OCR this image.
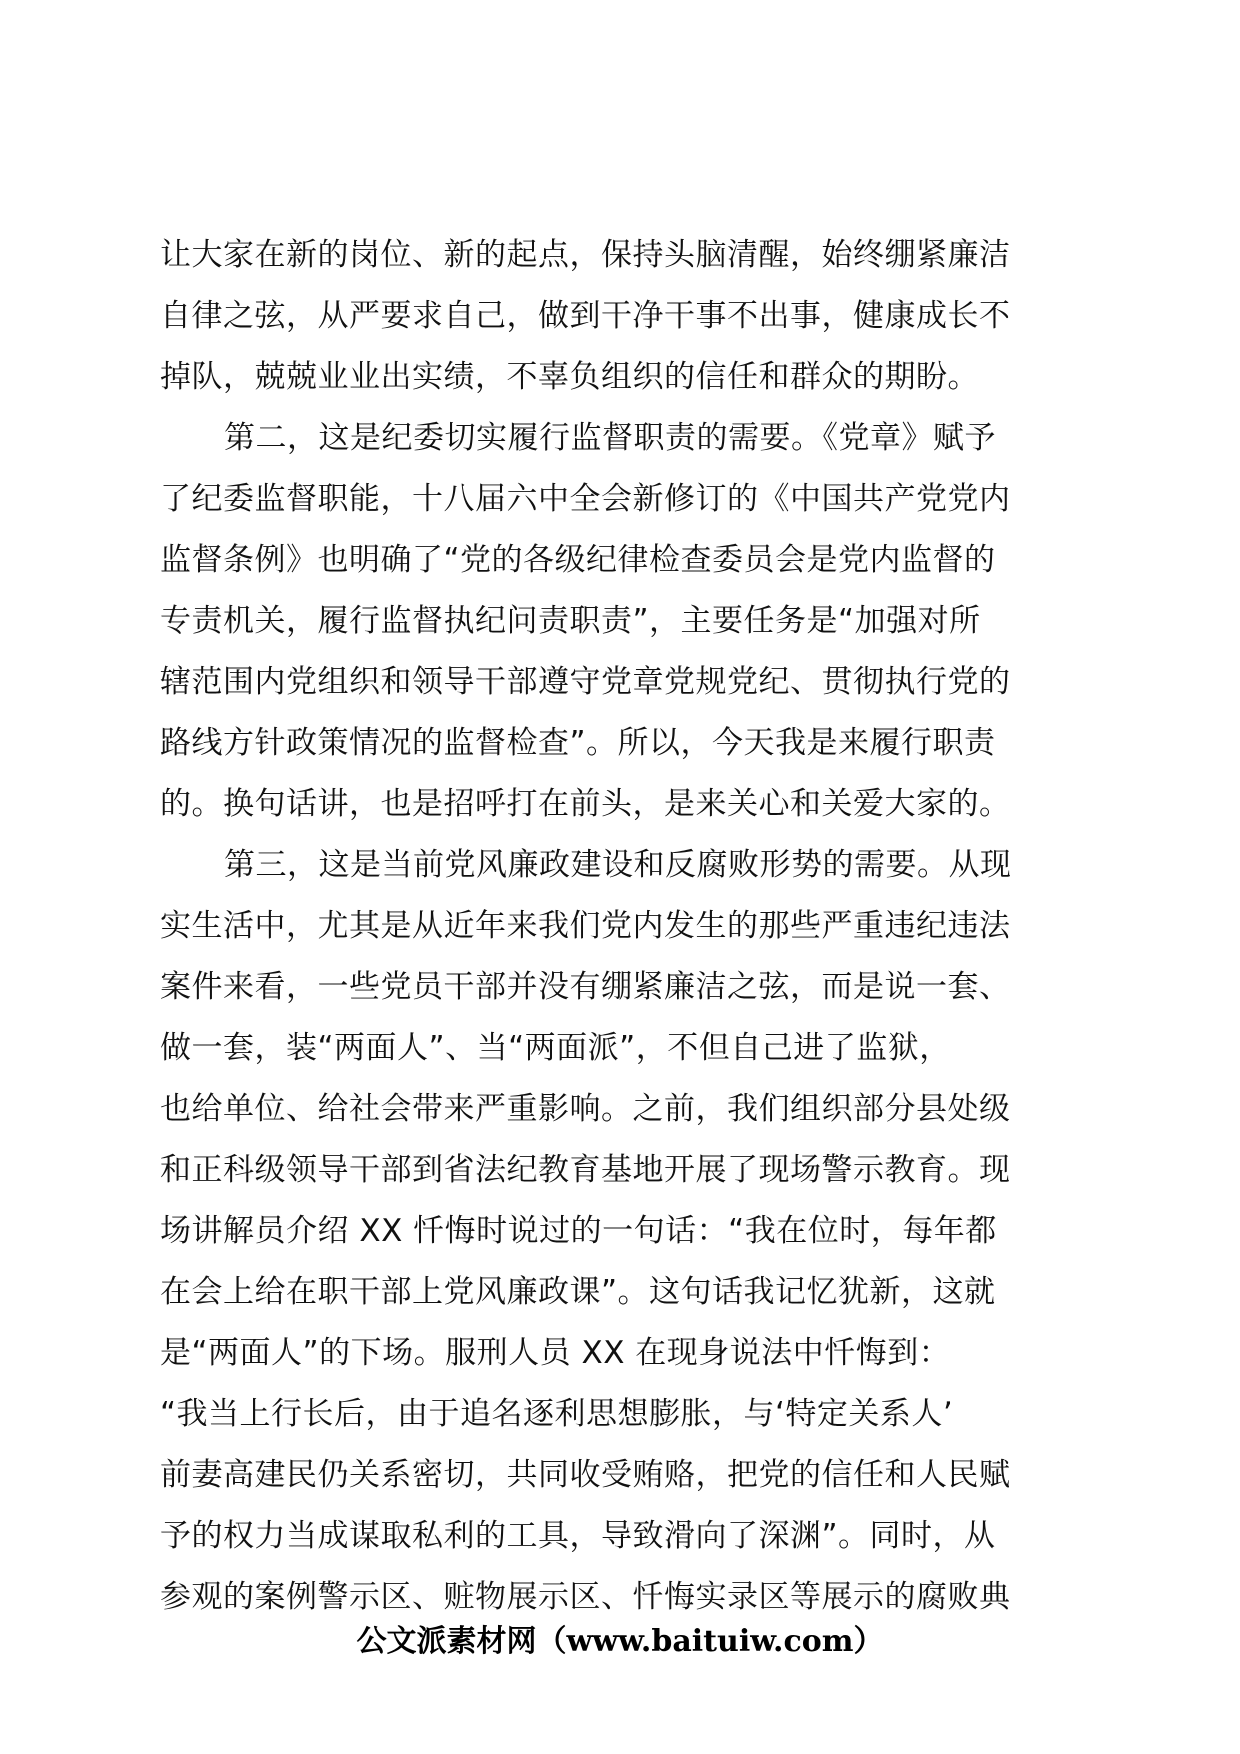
让大家在新的岗位、新的起点，保持头脑清醒，始终绷紧廉洁
自律之弦，从严要求自己，做到干净干事不出事，健康成长不
掉队，兢兢业业出实绩，不辜负组织的信任和群众的期盼。
第二，这是纪委切实履行监督职责的需要。《党章》赋予
了纪委监督职能，十八届六中全会新修订的《中国共产党党内
监督条例》也明确了“党的各级纪律检查委员会是党内监督的
专责机关，履行监督执纪问责职责”，主要任务是“加强对所
辖范围内党组织和领导干部遵守党章党规党纪、贯彻执行党的
路线方针政策情况的监督检查”。所以，今天我是来履行职责
的。换句话讲，也是招呼打在前头，是来关心和关爱大家的。
第三，这是当前党风廉政建设和反腐败形势的需要。从现
实生活中，尤其是从近年来我们党内发生的那些严重违纪违法
案件来看，一些党员干部并没有绷紧廉洁之弦，而是说一套、
做一套，装“两面人”、当“两面派”，不但自己进了监狱，
也给单位、给社会带来严重影响。之前，我们组织部分县处级
和正科级领导干部到省法纪教育基地开展了现场警示教育。现
场讲解员介绍 XX 忏悔时说过的一句话：“我在位时，每年都
在会上给在职干部上党风廉政课”。这句话我记忆犹新，这就
是“两面人”的下场。服刑人员 XX 在现身说法中忏悔到：
“我当上行长后，由于追名逐利思想膨胀，与‘特定关系人’
前妻高建民仍关系密切，共同收受贿赂，把党的信任和人民赋
予的权力当成谋取私利的工具，导致滑向了深渊”。同时，从
参观的案例警示区、赃物展示区、忏悔实录区等展示的腐败典
公文派素材网（www.baituiw.com）
